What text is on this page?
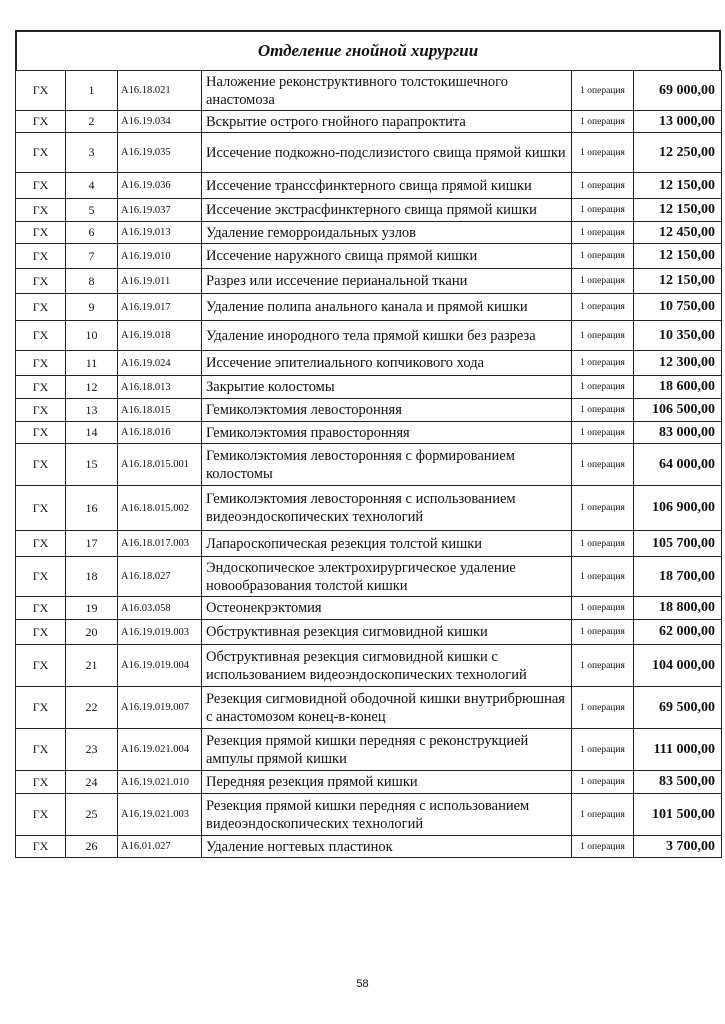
Отделение гнойной хирургии
ГХ	1	A16.18.021	Наложение реконструктивного толстокишечного анастомоза	1 операция	69 000,00
ГХ	2	A16.19.034	Вскрытие острого гнойного парапроктита	1 операция	13 000,00
ГХ	3	A16.19.035	Иссечение подкожно-подслизистого свища прямой кишки	1 операция	12 250,00
ГХ	4	A16.19.036	Иссечение транссфинктерного свища прямой кишки	1 операция	12 150,00
ГХ	5	A16.19.037	Иссечение экстрасфинктерного свища прямой кишки	1 операция	12 150,00
ГХ	6	A16.19.013	Удаление геморроидальных узлов	1 операция	12 450,00
ГХ	7	A16.19.010	Иссечение наружного свища прямой кишки	1 операция	12 150,00
ГХ	8	A16.19.011	Разрез или иссечение перианальной ткани	1 операция	12 150,00
ГХ	9	A16.19.017	Удаление полипа анального канала и прямой кишки	1 операция	10 750,00
ГХ	10	A16.19.018	Удаление инородного тела прямой кишки без разреза	1 операция	10 350,00
ГХ	11	A16.19.024	Иссечение эпителиального копчикового хода	1 операция	12 300,00
ГХ	12	A16.18.013	Закрытие колостомы	1 операция	18 600,00
ГХ	13	A16.18.015	Гемиколэктомия левосторонняя	1 операция	106 500,00
ГХ	14	A16.18.016	Гемиколэктомия правосторонняя	1 операция	83 000,00
ГХ	15	A16.18.015.001	Гемиколэктомия левосторонняя с формированием колостомы	1 операция	64 000,00
ГХ	16	A16.18.015.002	Гемиколэктомия левосторонняя с использованием видеоэндоскопических технологий	1 операция	106 900,00
ГХ	17	A16.18.017.003	Лапароскопическая резекция толстой кишки	1 операция	105 700,00
ГХ	18	A16.18.027	Эндоскопическое электрохирургическое удаление новообразования толстой кишки	1 операция	18 700,00
ГХ	19	A16.03.058	Остеонекрэктомия	1 операция	18 800,00
ГХ	20	A16.19.019.003	Обструктивная резекция сигмовидной кишки	1 операция	62 000,00
ГХ	21	A16.19.019.004	Обструктивная резекция сигмовидной кишки с использованием видеоэндоскопических технологий	1 операция	104 000,00
ГХ	22	A16.19.019.007	Резекция сигмовидной ободочной кишки внутрибрюшная с анастомозом конец-в-конец	1 операция	69 500,00
ГХ	23	A16.19.021.004	Резекция прямой кишки передняя с реконструкцией ампулы прямой кишки	1 операция	111 000,00
ГХ	24	A16.19.021.010	Передняя резекция прямой кишки	1 операция	83 500,00
ГХ	25	A16.19.021.003	Резекция прямой кишки передняя с использованием видеоэндоскопических технологий	1 операция	101 500,00
ГХ	26	A16.01.027	Удаление ногтевых пластинок	1 операция	3 700,00
58
